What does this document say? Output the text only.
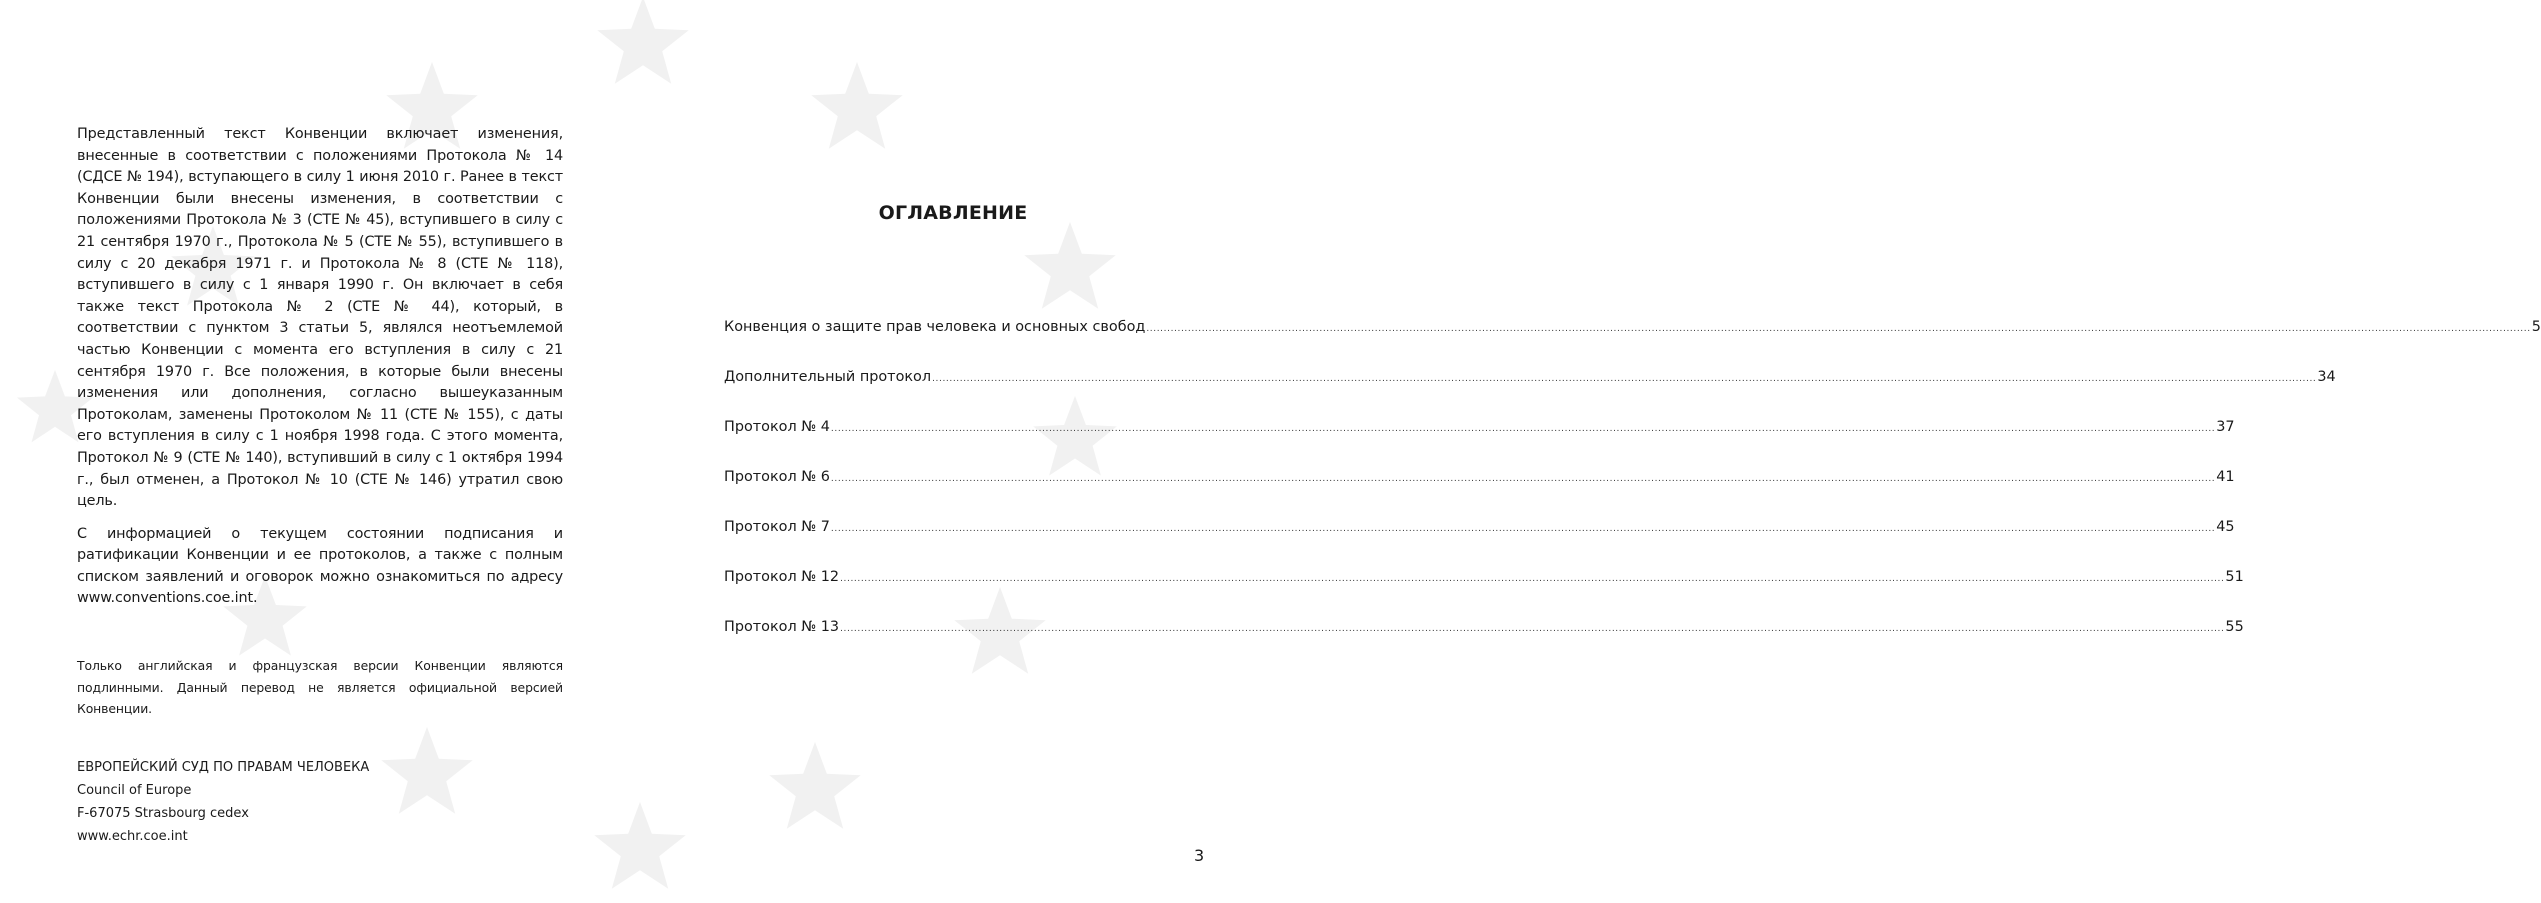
Представленный текст Конвенции включает изменения, внесенные в соответствии с положениями Протокола № 14 (СДСЕ № 194), вступающего в силу 1 июня 2010 г. Ранее в текст Конвенции были внесены изменения, в соответствии с положениями Протокола № 3 (СТЕ № 45), вступившего в силу с 21 сентября 1970 г., Протокола № 5 (СТЕ № 55), вступившего в силу с 20 декабря 1971 г. и Протокола № 8 (СТЕ № 118), вступившего в силу с 1 января 1990 г. Он включает в себя также текст Протокола № 2 (СТЕ № 44), который, в соответствии с пунктом 3 статьи 5, являлся неотъемлемой частью Конвенции с момента его вступления в силу с 21 сентября 1970 г. Все положения, в которые были внесены изменения или дополнения, согласно вышеуказанным Протоколам, заменены Протоколом № 11 (СТЕ № 155), с даты его вступления в силу с 1 ноября 1998 года. С этого момента, Протокол № 9 (СТЕ № 140), вступивший в силу с 1 октября 1994 г., был отменен, а Протокол № 10 (СТЕ № 146) утратил свою цель.

С информацией о текущем состоянии подписания и ратификации Конвенции и ее протоколов, а также с полным списком заявлений и оговорок можно ознакомиться по адресу www.conventions.coe.int.

Только английская и французская версии Конвенции являются подлинными. Данный перевод не является официальной версией Конвенции.

ЕВРОПЕЙСКИЙ СУД ПО ПРАВАМ ЧЕЛОВЕКА
Council of Europe
F-67075 Strasbourg cedex
www.echr.coe.int
ОГЛАВЛЕНИЕ
Конвенция о защите прав человека и основных свобод ................................................................................................................................................................................................................................................................................................................................................................................................................ 5
Дополнительный протокол ................................................................................................................................................................................................................................................................................................................................................................................................................ 34
Протокол № 4 ................................................................................................................................................................................................................................................................................................................................................................................................................ 37
Протокол № 6 ................................................................................................................................................................................................................................................................................................................................................................................................................ 41
Протокол № 7 ................................................................................................................................................................................................................................................................................................................................................................................................................ 45
Протокол № 12 ................................................................................................................................................................................................................................................................................................................................................................................................................ 51
Протокол № 13 ................................................................................................................................................................................................................................................................................................................................................................................................................ 55
3
